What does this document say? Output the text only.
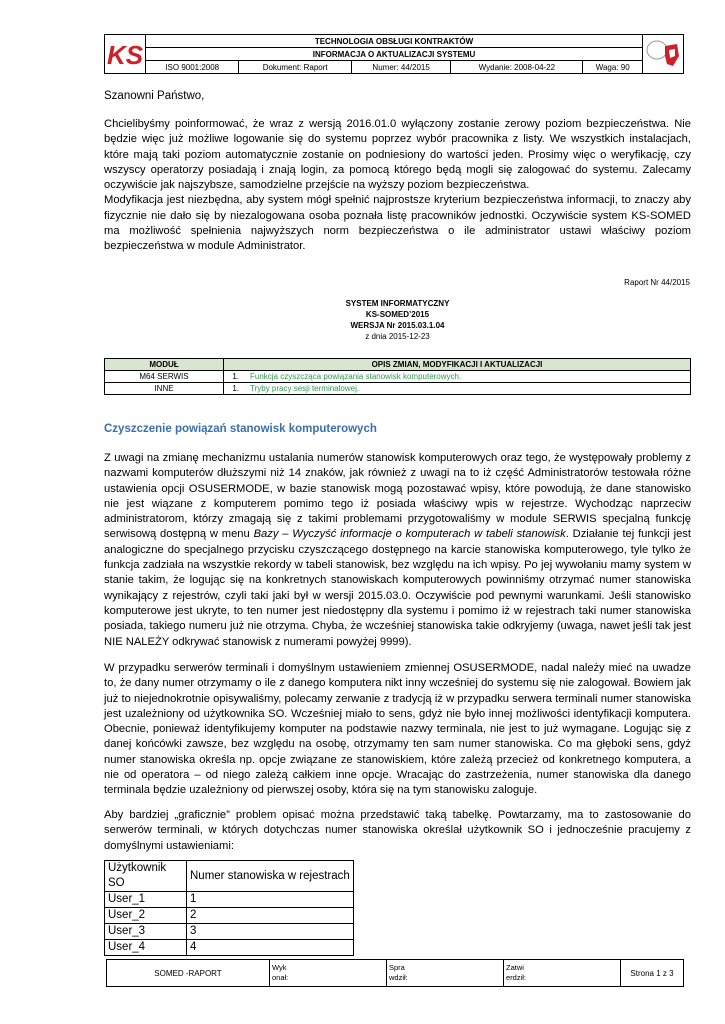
KS	TECHNOLOGIA OBSŁUGI KONTRAKTÓW	

	INFORMACJA O AKTUALIZACJI SYSTEMU					
	ISO 9001:2008	Dokument: Raport	Numer: 44/2015	Wydanie: 2008-04-22	Waga: 90	

Szanowni Państwo,

Chcielibyśmy poinformować, że wraz z wersją 2016.01.0 wyłączony zostanie zerowy poziom bezpieczeństwa. Nie będzie więc już możliwe logowanie się do systemu poprzez wybór pracownika z listy. We wszystkich instalacjach, które mają taki poziom automatycznie zostanie on podniesiony do wartości jeden. Prosimy więc o weryfikację, czy wszyscy operatorzy posiadają i znają login, za pomocą którego będą mogli się zalogować do systemu. Zalecamy oczywiście jak najszybsze, samodzielne przejście na wyższy poziom bezpieczeństwa.

Modyfikacja jest niezbędna, aby system mógł spełnić najprostsze kryterium bezpieczeństwa informacji, to znaczy aby fizycznie nie dało się by niezalogowana osoba poznała listę pracowników jednostki. Oczywiście system KS-SOMED ma możliwość spełnienia najwyższych norm bezpieczeństwa o ile administrator ustawi właściwy poziom bezpieczeństwa w module Administrator.

Raport Nr 44/2015
SYSTEM INFORMATYCZNY
KS-SOMED’2015
WERSJA Nr 2015.03.1.04
z dnia 2015-12-23
MODUŁ	OPIS ZMIAN, MODYFIKACJI I AKTUALIZACJI	
M64 SERWIS	1.	Funkcja czyszcząca powiązania stanowisk komputerowych.
INNE	1.	Tryby pracy sesji terminalowej.
Czyszczenie powiązań stanowisk komputerowych

Z uwagi na zmianę mechanizmu ustalania numerów stanowisk komputerowych oraz tego, że występowały problemy z nazwami komputerów dłuższymi niż 14 znaków, jak również z uwagi na to iż część Administratorów testowała różne ustawienia opcji OSUSERMODE, w bazie stanowisk mogą pozostawać wpisy, które powodują, że dane stanowisko nie jest wiązane z komputerem pomimo tego iż posiada właściwy wpis w rejestrze. Wychodząc naprzeciw administratorom, którzy zmagają się z takimi problemami przygotowaliśmy w module SERWIS specjalną funkcję serwisową dostępną w menu Bazy – Wyczyść informacje o komputerach w tabeli stanowisk. Działanie tej funkcji jest analogiczne do specjalnego przycisku czyszczącego dostępnego na karcie stanowiska komputerowego, tyle tylko że funkcja zadziała na wszystkie rekordy w tabeli stanowisk, bez względu na ich wpisy. Po jej wywołaniu mamy system w stanie takim, że logując się na konkretnych stanowiskach komputerowych powinniśmy otrzymać numer stanowiska wynikający z rejestrów, czyli taki jaki był w wersji 2015.03.0. Oczywiście pod pewnymi warunkami. Jeśli stanowisko komputerowe jest ukryte, to ten numer jest niedostępny dla systemu i pomimo iż w rejestrach taki numer stanowiska posiada, takiego numeru już nie otrzyma. Chyba, że wcześniej stanowiska takie odkryjemy (uwaga, nawet jeśli tak jest NIE NALEŻY odkrywać stanowisk z numerami powyżej 9999).

W przypadku serwerów terminali i domyślnym ustawieniem zmiennej OSUSERMODE, nadal należy mieć na uwadze to, że dany numer otrzymamy o ile z danego komputera nikt inny wcześniej do systemu się nie zalogował. Bowiem jak już to niejednokrotnie opisywaliśmy, polecamy zerwanie z tradycją iż w przypadku serwera terminali numer stanowiska jest uzależniony od użytkownika SO. Wcześniej miało to sens, gdyż nie było innej możliwości identyfikacji komputera. Obecnie, ponieważ identyfikujemy komputer na podstawie nazwy terminala, nie jest to już wymagane. Logując się z danej końcówki zawsze, bez względu na osobę, otrzymamy ten sam numer stanowiska. Co ma głęboki sens, gdyż numer stanowiska określa np. opcje związane ze stanowiskiem, które zależą przecież od konkretnego komputera, a nie od operatora – od niego zależą całkiem inne opcje. Wracając do zastrzeżenia, numer stanowiska dla danego terminala będzie uzależniony od pierwszej osoby, która się na tym stanowisku zaloguje.

Aby bardziej „graficznie” problem opisać można przedstawić taką tabelkę. Powtarzamy, ma to zastosowanie do serwerów terminali, w których dotychczas numer stanowiska określał użytkownik SO i jednocześnie pracujemy z domyślnymi ustawieniami:

Użytkownik SO	Numer stanowiska w rejestrach
User_1	1
User_2	2
User_3	3
User_4	4
SOMED -RAPORT	
Wyk
onał:

Spra
wdził:

Zatwi
erdził:	Strona 1 z 3
